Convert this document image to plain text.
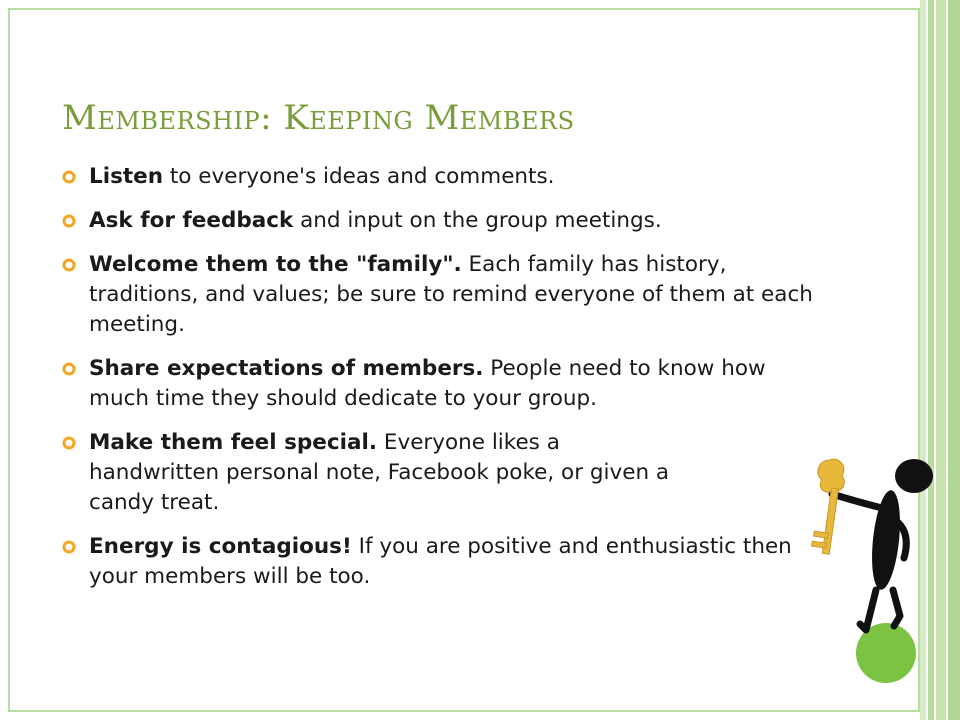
Membership: Keeping Members
Listen to everyone's ideas and comments.
Ask for feedback and input on the group meetings.
Welcome them to the "family". Each family has history, traditions, and values; be sure to remind everyone of them at each meeting.
Share expectations of members. People need to know how much time they should dedicate to your group.
Make them feel special. Everyone likes a handwritten personal note, Facebook poke, or given a candy treat.
Energy is contagious! If you are positive and enthusiastic then your members will be too.
